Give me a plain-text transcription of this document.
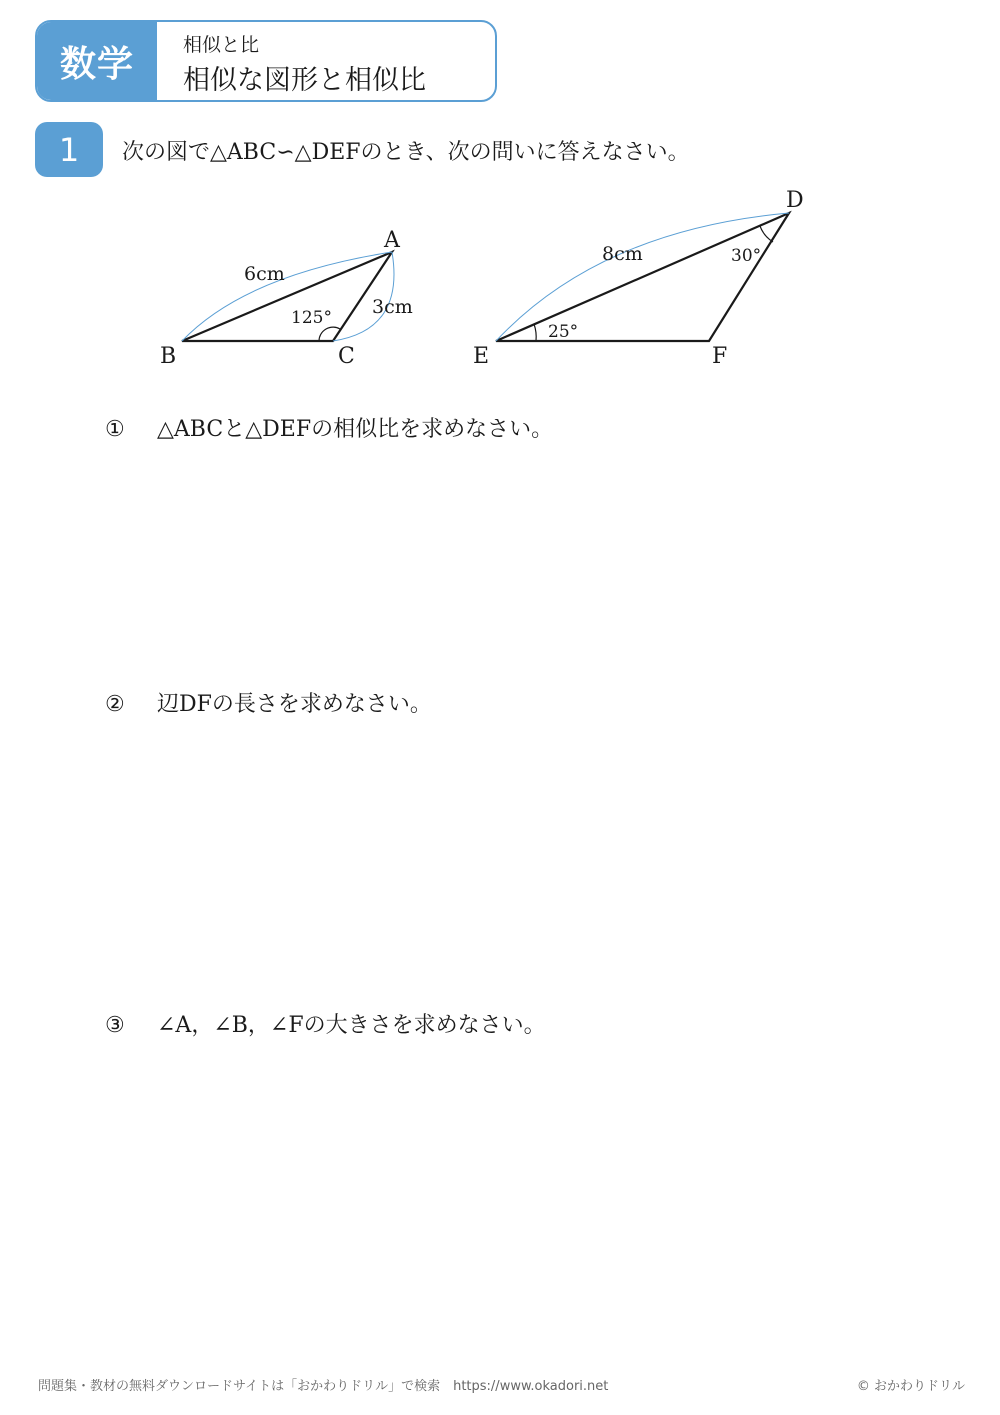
数学	相似と比
相似な図形と相似比
1	次の図で△ABC∽△DEFのとき、次の問いに答えなさい。
A
B	C
6cm
3cm
125°
D
E	F
8cm	30°
25°
① △ABCと△DEFの相似比を求めなさい。
② 辺DFの長さを求めなさい。
③ ∠A，∠B，∠Fの大きさを求めなさい。
問題集・教材の無料ダウンロードサイトは「おかわりドリル」で検索　https://www.okadori.net	© おかわりドリル
